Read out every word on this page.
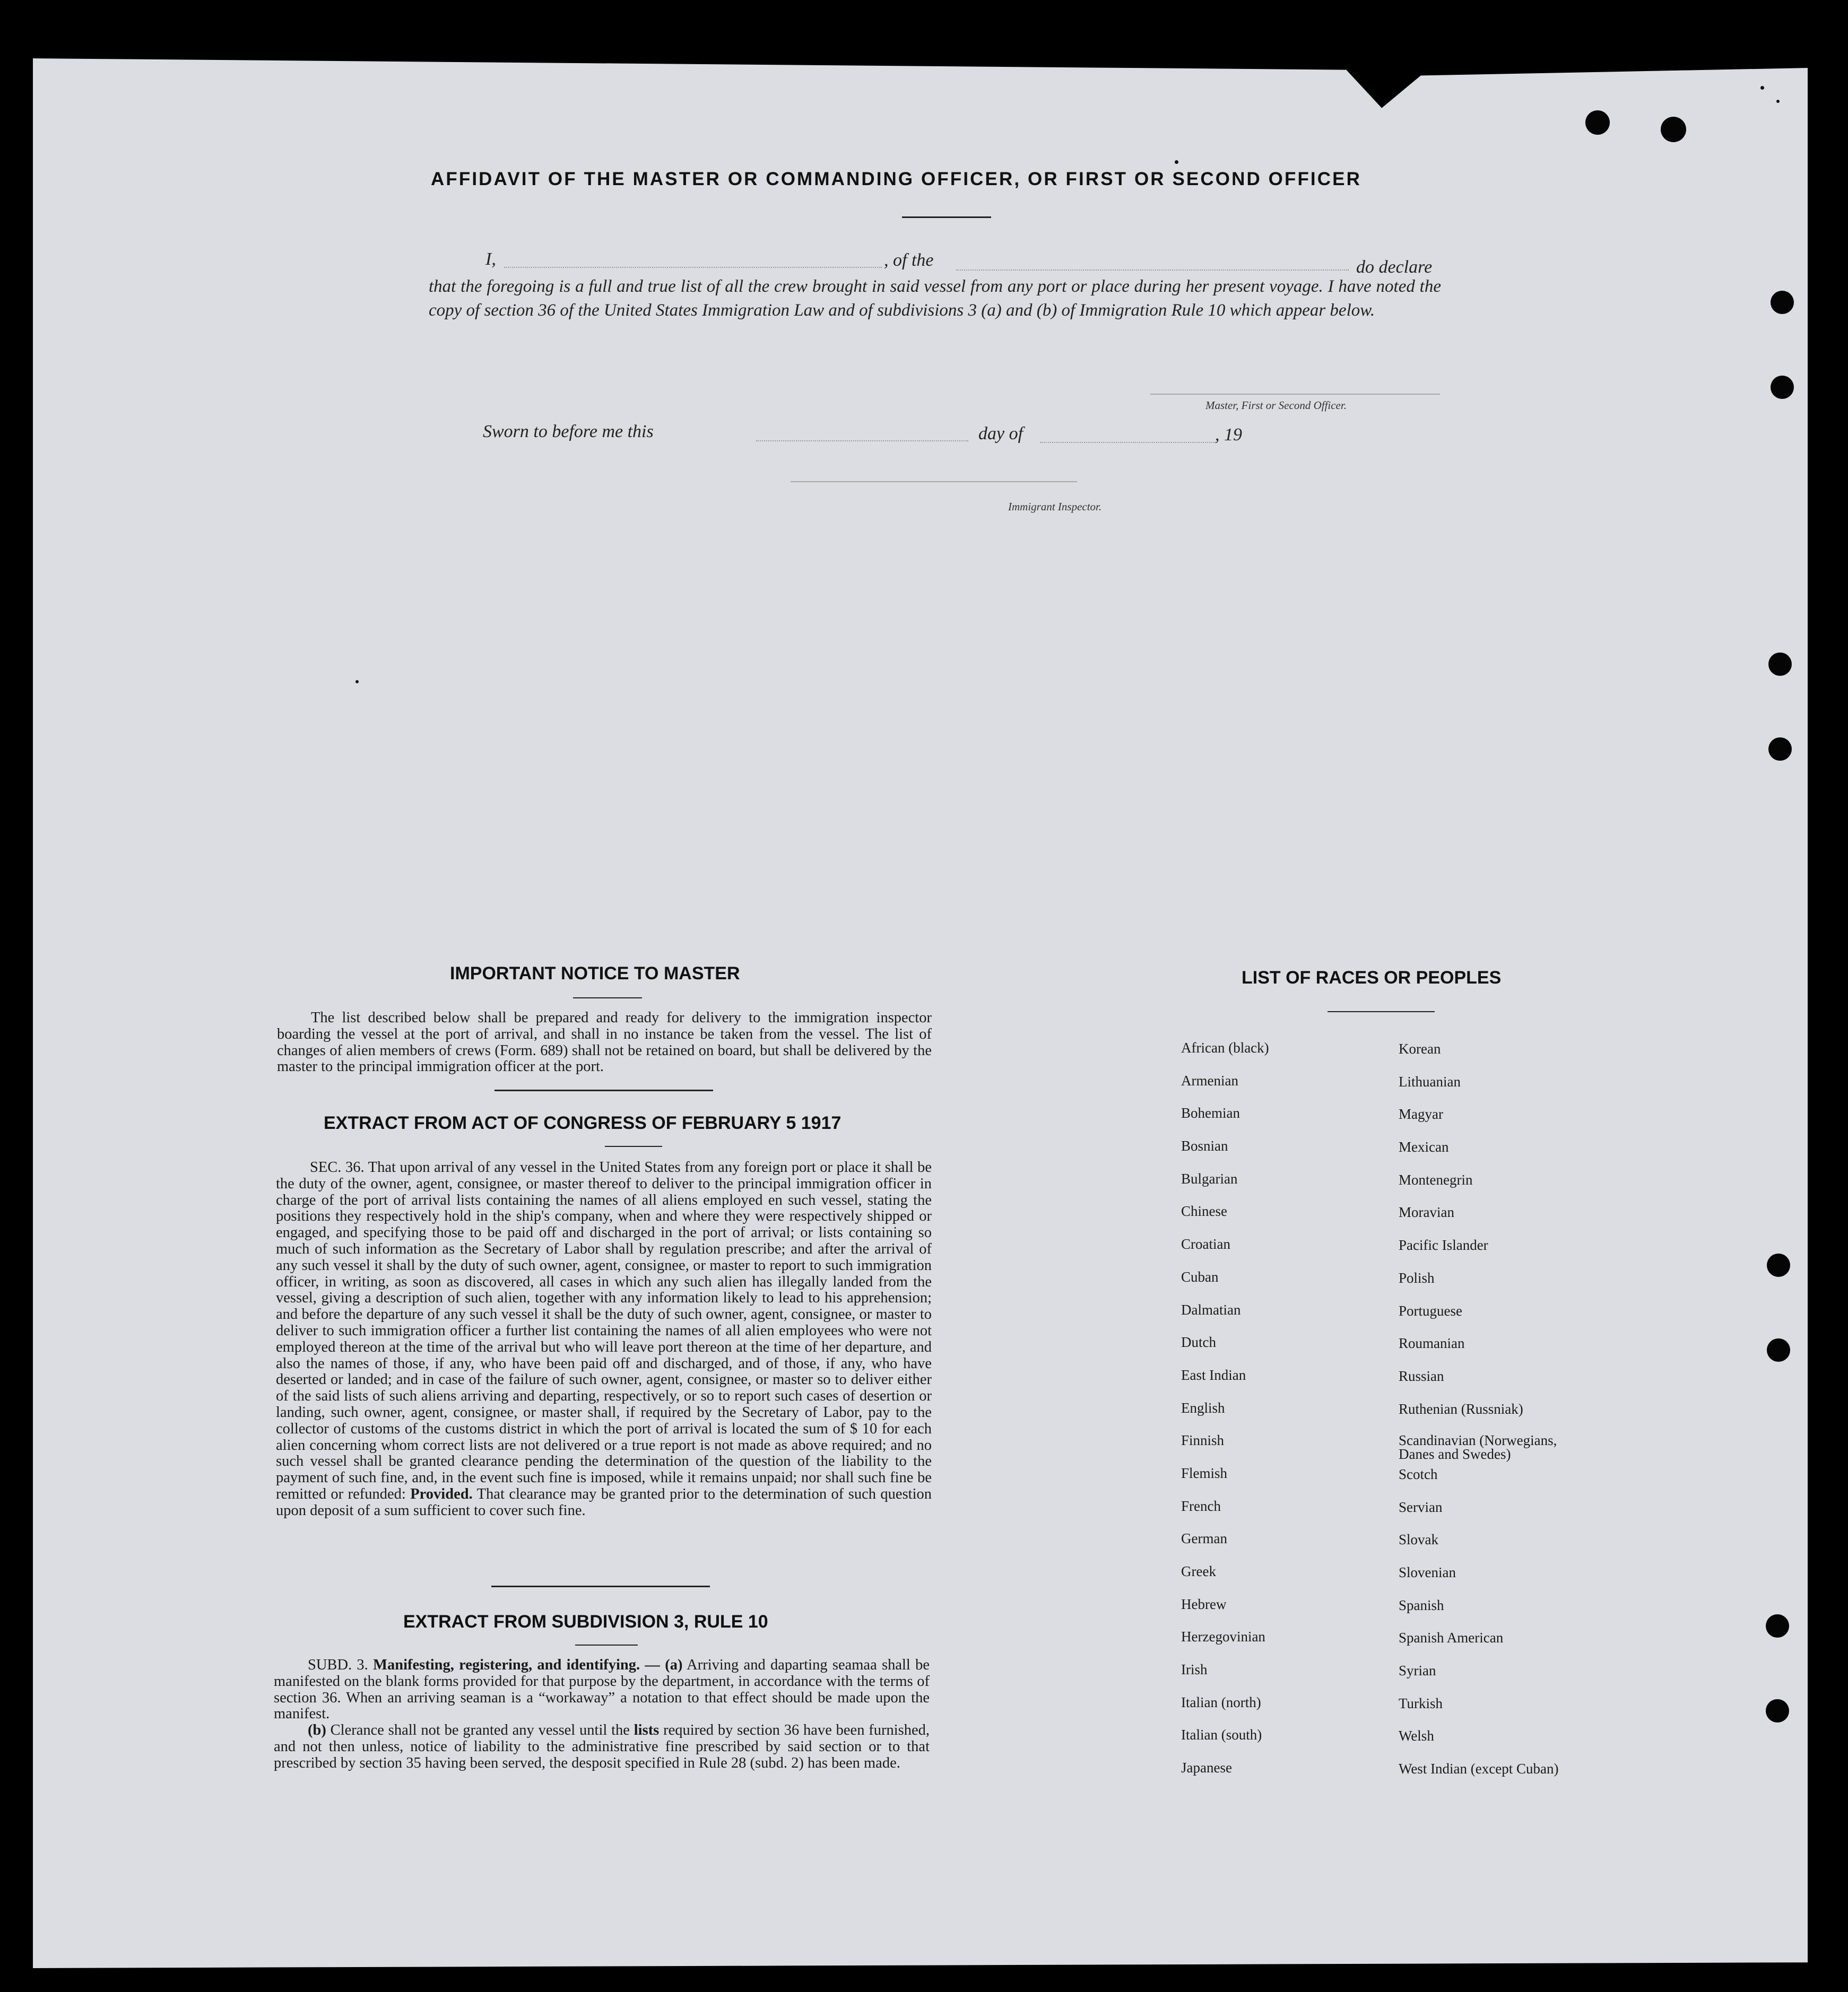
AFFIDAVIT OF THE MASTER OR COMMANDING OFFICER, OR FIRST OR SECOND OFFICER
I,	, of the	do declare
that the foregoing is a full and true list of all the crew brought in said vessel from any port or place during her present voyage. I have noted the copy of section 36 of the United States Immigration Law and of subdivisions 3 (a) and (b) of Immigration Rule 10 which appear below.
Master, First or Second Officer.
Sworn to before me this	day of	, 19
Immigrant Inspector.
IMPORTANT NOTICE TO MASTER

The list described below shall be prepared and ready for delivery to the immigration inspector boarding the vessel at the port of arrival, and shall in no instance be taken from the vessel. The list of changes of alien members of crews (Form. 689) shall not be retained on board, but shall be delivered by the master to the principal immigration officer at the port.

EXTRACT FROM ACT OF CONGRESS OF FEBRUARY 5 1917

SEC. 36. That upon arrival of any vessel in the United States from any foreign port or place it shall be the duty of the owner, agent, consignee, or master thereof to deliver to the principal immigration officer in charge of the port of arrival lists containing the names of all aliens employed en such vessel, stating the positions they respectively hold in the ship's company, when and where they were respectively shipped or engaged, and specifying those to be paid off and discharged in the port of arrival; or lists containing so much of such information as the Secretary of Labor shall by regulation prescribe; and after the arrival of any such vessel it shall by the duty of such owner, agent, consignee, or master to report to such immigration officer, in writing, as soon as discovered, all cases in which any such alien has illegally landed from the vessel, giving a description of such alien, together with any information likely to lead to his apprehension; and before the departure of any such vessel it shall be the duty of such owner, agent, consignee, or master to deliver to such immigration officer a further list containing the names of all alien employees who were not employed thereon at the time of the arrival but who will leave port thereon at the time of her departure, and also the names of those, if any, who have been paid off and discharged, and of those, if any, who have deserted or landed; and in case of the failure of such owner, agent, consignee, or master so to deliver either of the said lists of such aliens arriving and departing, respectively, or so to report such cases of desertion or landing, such owner, agent, consignee, or master shall, if required by the Secretary of Labor, pay to the collector of customs of the customs district in which the port of arrival is located the sum of $ 10 for each alien concerning whom correct lists are not delivered or a true report is not made as above required; and no such vessel shall be granted clearance pending the determination of the question of the liability to the payment of such fine, and, in the event such fine is imposed, while it remains unpaid; nor shall such fine be remitted or refunded: Provided. That clearance may be granted prior to the determination of such question upon deposit of a sum sufficient to cover such fine.

EXTRACT FROM SUBDIVISION 3, RULE 10

SUBD. 3. Manifesting, registering, and identifying. — (a) Arriving and daparting seamaa shall be manifested on the blank forms provided for that purpose by the department, in accordance with the terms of section 36. When an arriving seaman is a “workaway” a notation to that effect should be made upon the manifest.

(b) Clerance shall not be granted any vessel until the lists required by section 36 have been furnished, and not then unless, notice of liability to the administrative fine prescribed by said section or to that prescribed by section 35 having been served, the desposit specified in Rule 28 (subd. 2) has been made.

LIST OF RACES OR PEOPLES
African (black)
Armenian
Bohemian
Bosnian
Bulgarian
Chinese
Croatian
Cuban
Dalmatian
Dutch
East Indian
English
Finnish
Flemish
French
German
Greek
Hebrew
Herzegovinian
Irish
Italian (north)
Italian (south)
Japanese
Korean
Lithuanian
Magyar
Mexican
Montenegrin
Moravian
Pacific Islander
Polish
Portuguese
Roumanian
Russian
Ruthenian (Russniak)
Scandinavian (Norwegians, Danes and Swedes)
Scotch
Servian
Slovak
Slovenian
Spanish
Spanish American
Syrian
Turkish
Welsh
West Indian (except Cuban)
